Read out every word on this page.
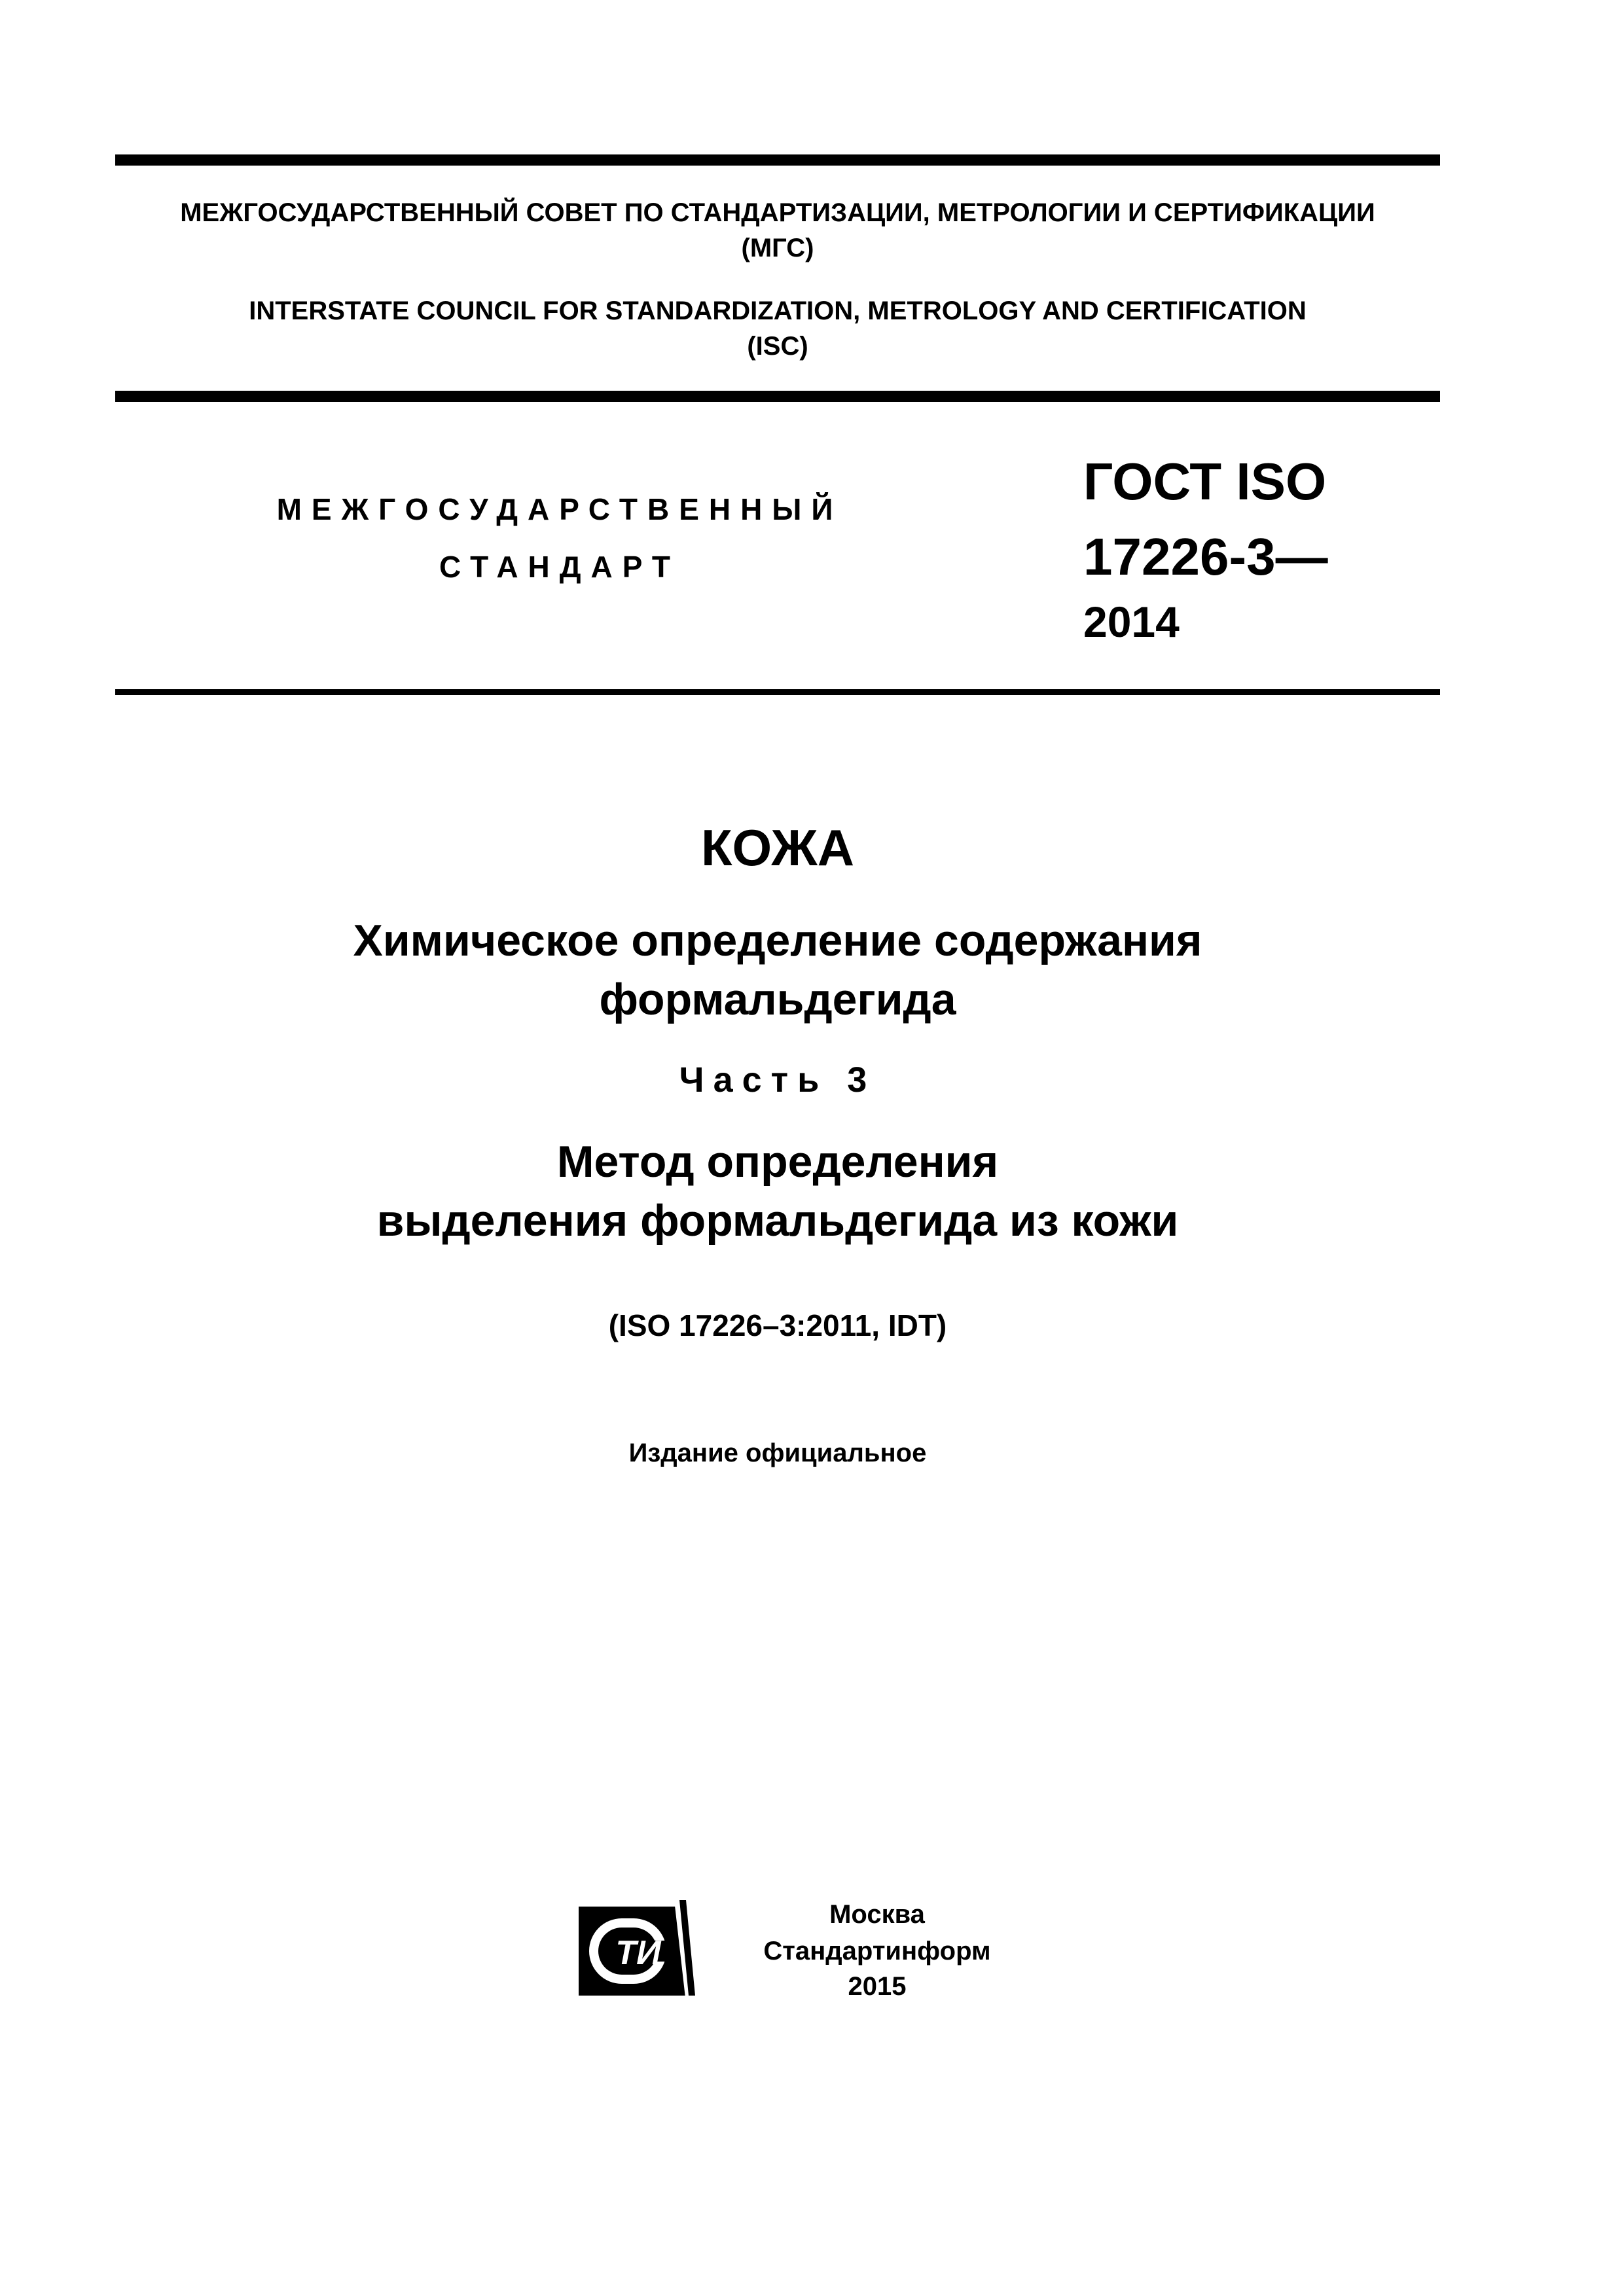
МЕЖГОСУДАРСТВЕННЫЙ СОВЕТ ПО СТАНДАРТИЗАЦИИ, МЕТРОЛОГИИ И СЕРТИФИКАЦИИ
(МГС)
INTERSTATE COUNCIL FOR STANDARDIZATION, METROLOGY AND CERTIFICATION
(ISC)
МЕЖГОСУДАРСТВЕННЫЙ
СТАНДАРТ
ГОСТ ISO
17226-3—
2014
КОЖА
Химическое определение содержания
формальдегида
Часть 3
Метод определения
выделения формальдегида из кожи
(ISO 17226–3:2011, IDT)
Издание официальное
ТИ
Москва
Стандартинформ
2015
